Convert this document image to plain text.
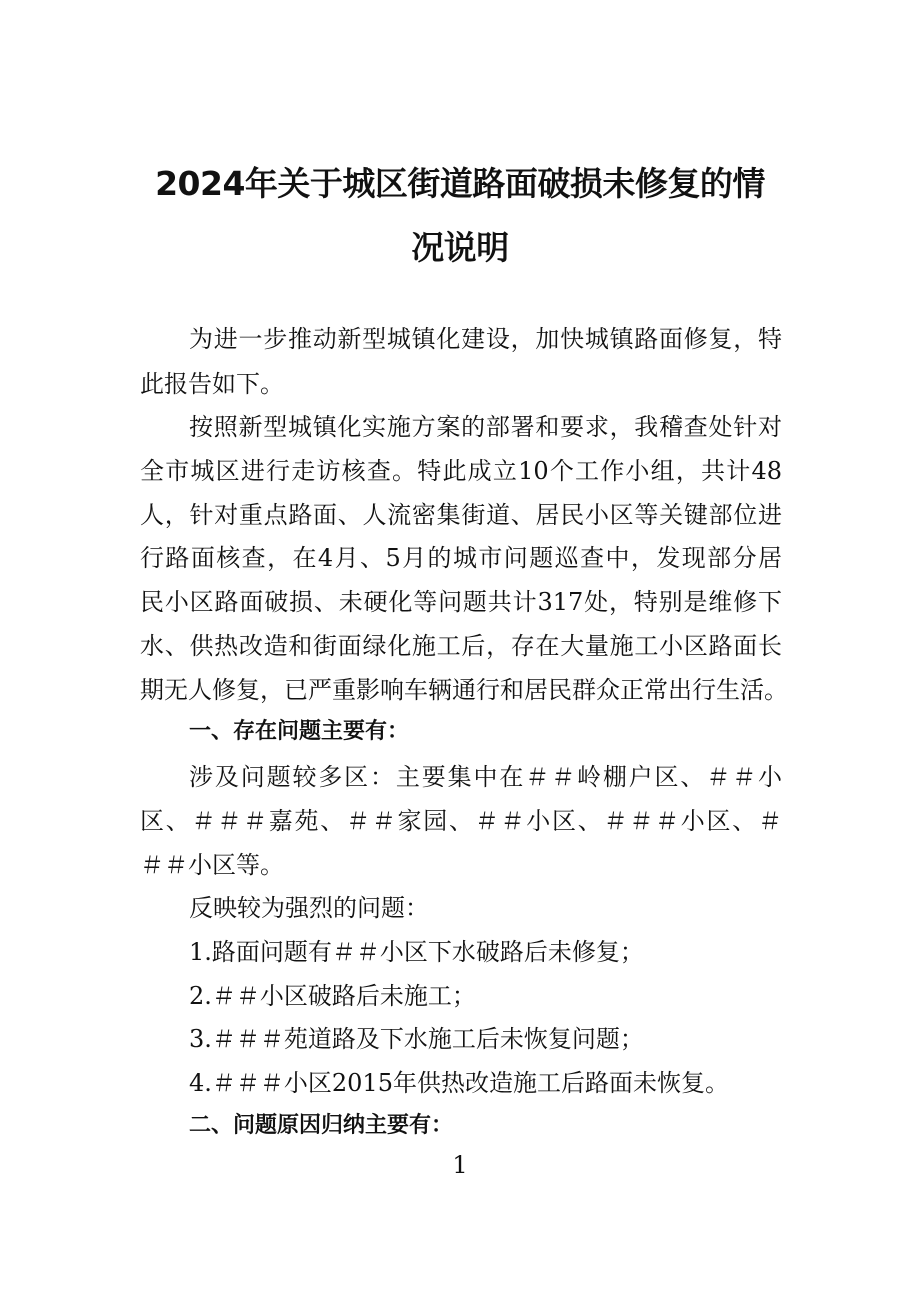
2024年关于城区街道路面破损未修复的情
况说明
为进一步推动新型城镇化建设，加快城镇路面修复，特
此报告如下。
按照新型城镇化实施方案的部署和要求，我稽查处针对
全市城区进行走访核查。特此成立10个工作小组，共计48
人，针对重点路面、人流密集街道、居民小区等关键部位进
行路面核查，在4月、5月的城市问题巡查中，发现部分居
民小区路面破损、未硬化等问题共计317处，特别是维修下
水、供热改造和街面绿化施工后，存在大量施工小区路面长
期无人修复，已严重影响车辆通行和居民群众正常出行生活。
一、存在问题主要有：
涉及问题较多区：主要集中在＃＃岭棚户区、＃＃小
区、＃＃＃嘉苑、＃＃家园、＃＃小区、＃＃＃小区、＃
＃＃小区等。
反映较为强烈的问题：
1.路面问题有＃＃小区下水破路后未修复；
2.＃＃小区破路后未施工；
3.＃＃＃苑道路及下水施工后未恢复问题；
4.＃＃＃小区2015年供热改造施工后路面未恢复。
二、问题原因归纳主要有：
1
